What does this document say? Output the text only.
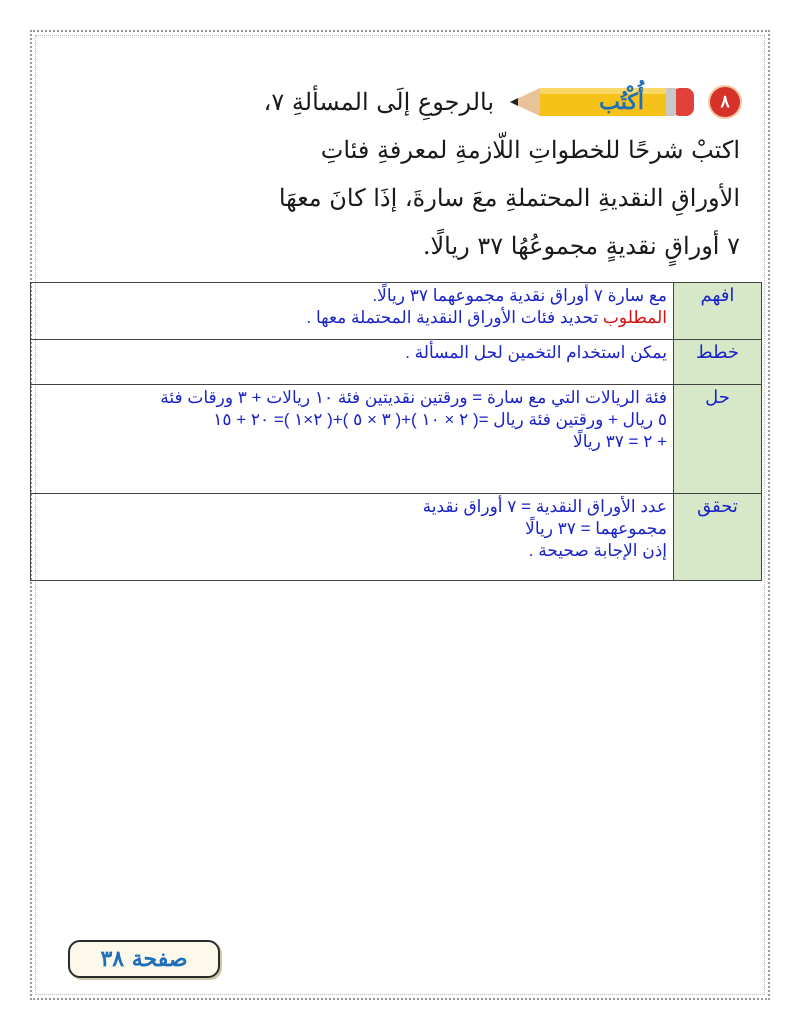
٨
أُكْتُب
بالرجوعِ إلَى المسألةِ ٧،
اكتبْ شرحًا للخطواتِ اللّازمةِ لمعرفةِ فئاتِ
الأوراقِ النقديةِ المحتملةِ معَ سارةَ، إذَا كانَ معهَا
٧ أوراقٍ نقديةٍ مجموعُهُا ٣٧ ريالًا.
افهم	مع سارة ٧ أوراق نقدية مجموعهما ٣٧ ريالًا.
المطلوب تحديد فئات الأوراق النقدية المحتملة معها .

خطط	يمكن استخدام التخمين لحل المسألة .

حل	فئة الريالات التي مع سارة = ورقتين نقديتين فئة ١٠ ريالات + ٣ ورقات فئة
٥ ريال + ورقتين فئة ريال =( ٢ × ١٠ )+( ٣ × ٥ )+( ٢×١ )= ٢٠ + ١٥
+ ٢ = ٣٧ ريالًا

تحقق	عدد الأوراق النقدية = ٧ أوراق نقدية
مجموعهما = ٣٧ ريالًا
إذن الإجابة صحيحة .
صفحة ٣٨
